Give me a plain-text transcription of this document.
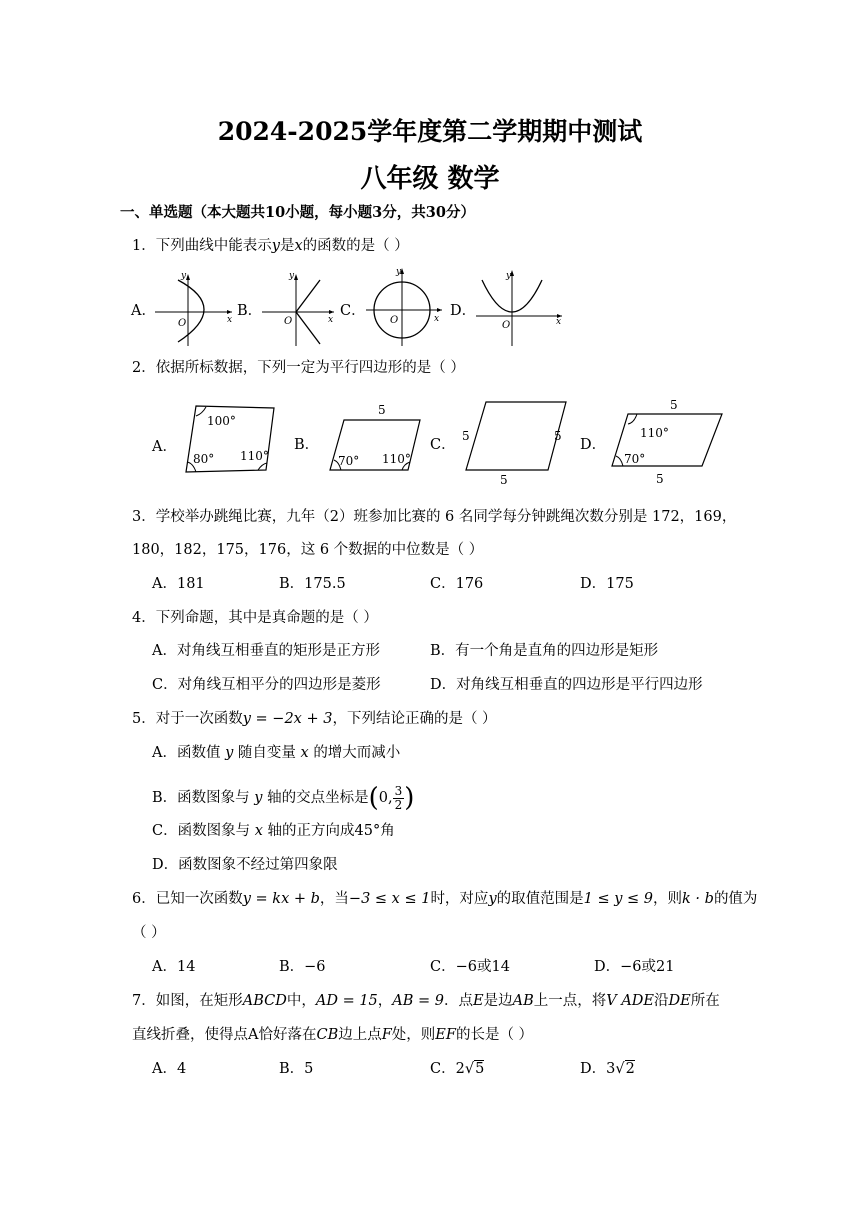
2024-2025学年度第二学期期中测试
八年级 数学
一、单选题（本大题共10小题，每小题3分，共30分）
1．下列曲线中能表示y是x的函数的是（ ）
A．	B．	C．	D．
y
x
O
y
x
O
y
x
O
y
x
O
2．依据所标数据，下列一定为平行四边形的是（ ）
A．	B．	C．	D．
100°
110°
80°
5
70° 110°
5	5
5
5
110°
70°
5
3．学校举办跳绳比赛，九年（2）班参加比赛的 6 名同学每分钟跳绳次数分别是 172，169，
180，182，175，176，这 6 个数据的中位数是（ ）
A．181	B．175.5	C．176	D．175
4．下列命题，其中是真命题的是（ ）
A．对角线互相垂直的矩形是正方形	B．有一个角是直角的四边形是矩形
C．对角线互相平分的四边形是菱形	D．对角线互相垂直的四边形是平行四边形
5．对于一次函数y = −2x + 3，下列结论正确的是（ ）
A．函数值 y 随自变量 x 的增大而减小
B．函数图象与 y 轴的交点坐标是(0, $\frac{3}{2}$ )
C．函数图象与 x 轴的正方向成45°角
D．函数图象不经过第四象限
6．已知一次函数y = kx + b，当−3 ≤ x ≤ 1时，对应y的取值范围是1 ≤ y ≤ 9，则k · b的值为
（ ）
A．14	B．−6	C．−6或14	D．−6或21
7．如图，在矩形ABCD中，AD = 15，AB = 9．点E是边AB上一点，将V ADE沿DE所在
直线折叠，使得点A恰好落在CB边上点F处，则EF的长是（ ）
A．4	B．5	C．2√5	D．3√2
